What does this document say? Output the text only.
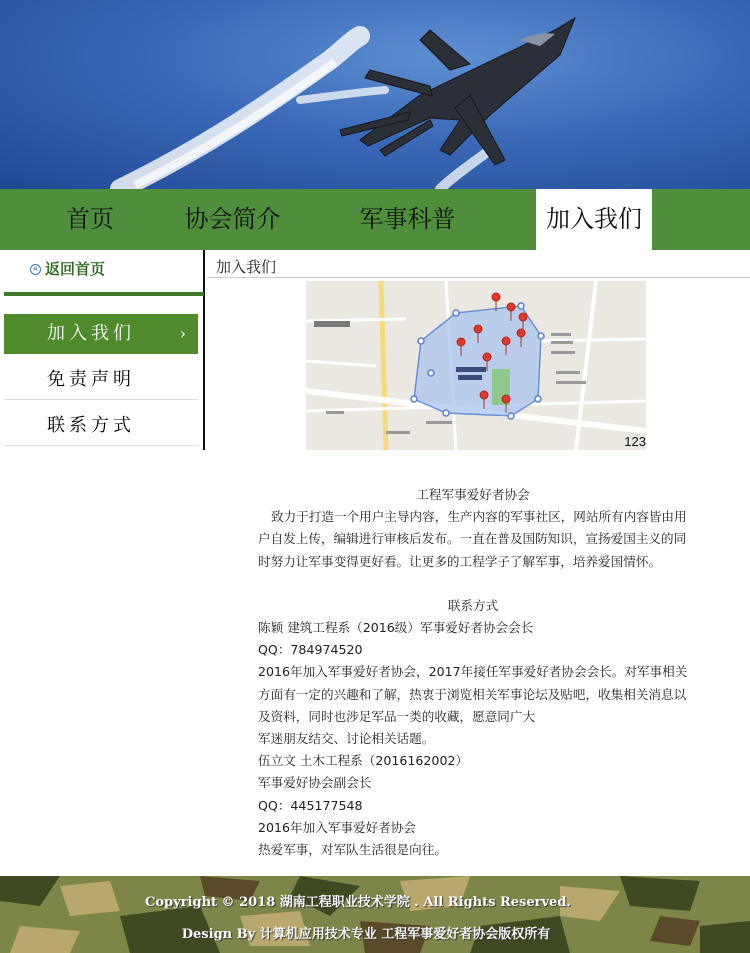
首页	协会简介	军事科普	加入我们
« 返回首页
加入我们	›
免责声明
联系方式
加入我们
123
工程军事爱好者协会
致力于打造一个用户主导内容，生产内容的军事社区，网站所有内容皆由用户自发上传，编辑进行审核后发布。一直在普及国防知识，宣扬爱国主义的同时努力让军事变得更好看。让更多的工程学子了解军事，培养爱国情怀。
联系方式
陈颖 建筑工程系（2016级）军事爱好者协会会长
QQ：784974520
2016年加入军事爱好者协会，2017年接任军事爱好者协会会长。对军事相关方面有一定的兴趣和了解，热衷于浏览相关军事论坛及贴吧，收集相关消息以及资料，同时也涉足军品一类的收藏，愿意同广大
军迷朋友结交、讨论相关话题。
伍立文 土木工程系（2016162002）
军事爱好协会副会长
QQ：445177548
2016年加入军事爱好者协会
热爱军事，对军队生活很是向往。
Copyright © 2018 湖南工程职业技术学院 . All Rights Reserved.
Design By 计算机应用技术专业 工程军事爱好者协会版权所有
